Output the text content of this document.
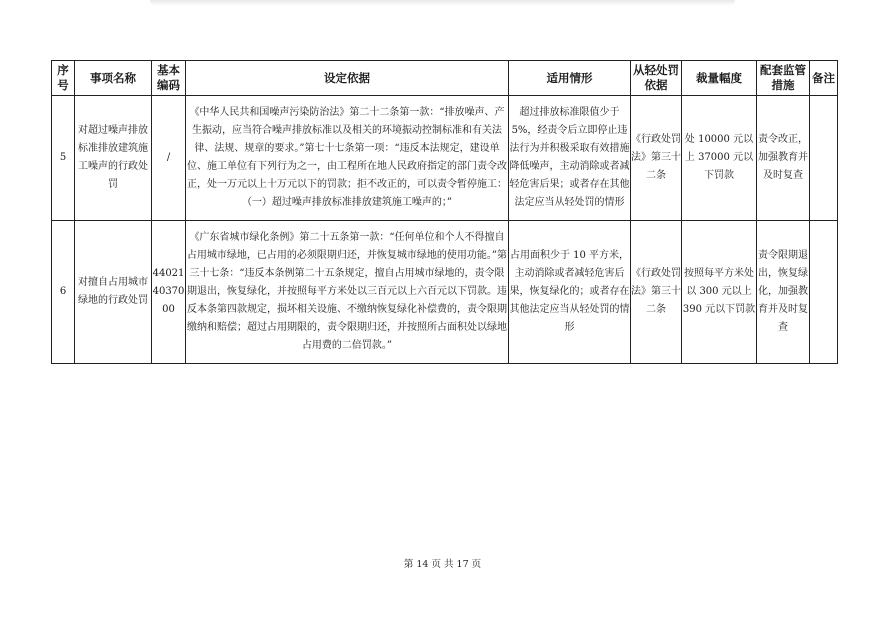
序号	事项名称	基本编码	设定依据	适用情形	从轻处罚依据	裁量幅度	配套监管措施	备注
5	对超过噪声排放标准排放建筑施工噪声的行政处罚	/	《中华人民共和国噪声污染防治法》第二十二条第一款：“排放噪声、产生振动，应当符合噪声排放标准以及相关的环境振动控制标准和有关法律、法规、规章的要求。”第七十七条第一项：“违反本法规定，建设单位、施工单位有下列行为之一，由工程所在地人民政府指定的部门责令改正，处一万元以上十万元以下的罚款；拒不改正的，可以责令暂停施工：（一）超过噪声排放标准排放建筑施工噪声的；”	超过排放标准限值少于5%，经责令后立即停止违法行为并积极采取有效措施降低噪声，主动消除或者减轻危害后果；或者存在其他法定应当从轻处罚的情形	《行政处罚法》第三十二条	处 10000 元以上 37000 元以下罚款	责令改正，加强教育并及时复查	
6	对擅自占用城市绿地的行政处罚	440214037000	《广东省城市绿化条例》第二十五条第一款：“任何单位和个人不得擅自占用城市绿地，已占用的必须限期归还，并恢复城市绿地的使用功能。”第三十七条：“违反本条例第二十五条规定，擅自占用城市绿地的，责令限期退出，恢复绿化，并按照每平方米处以三百元以上六百元以下罚款。违反本条第四款规定，损坏相关设施、不缴纳恢复绿化补偿费的，责令限期缴纳和赔偿；超过占用期限的，责令限期归还，并按照所占面积处以绿地占用费的二倍罚款。”	占用面积少于 10 平方米，主动消除或者减轻危害后果，恢复绿化的；或者存在其他法定应当从轻处罚的情形	《行政处罚法》第三十二条	按照每平方米处以 300 元以上 390 元以下罚款	责令限期退出，恢复绿化，加强教育并及时复查	
第 14 页 共 17 页
